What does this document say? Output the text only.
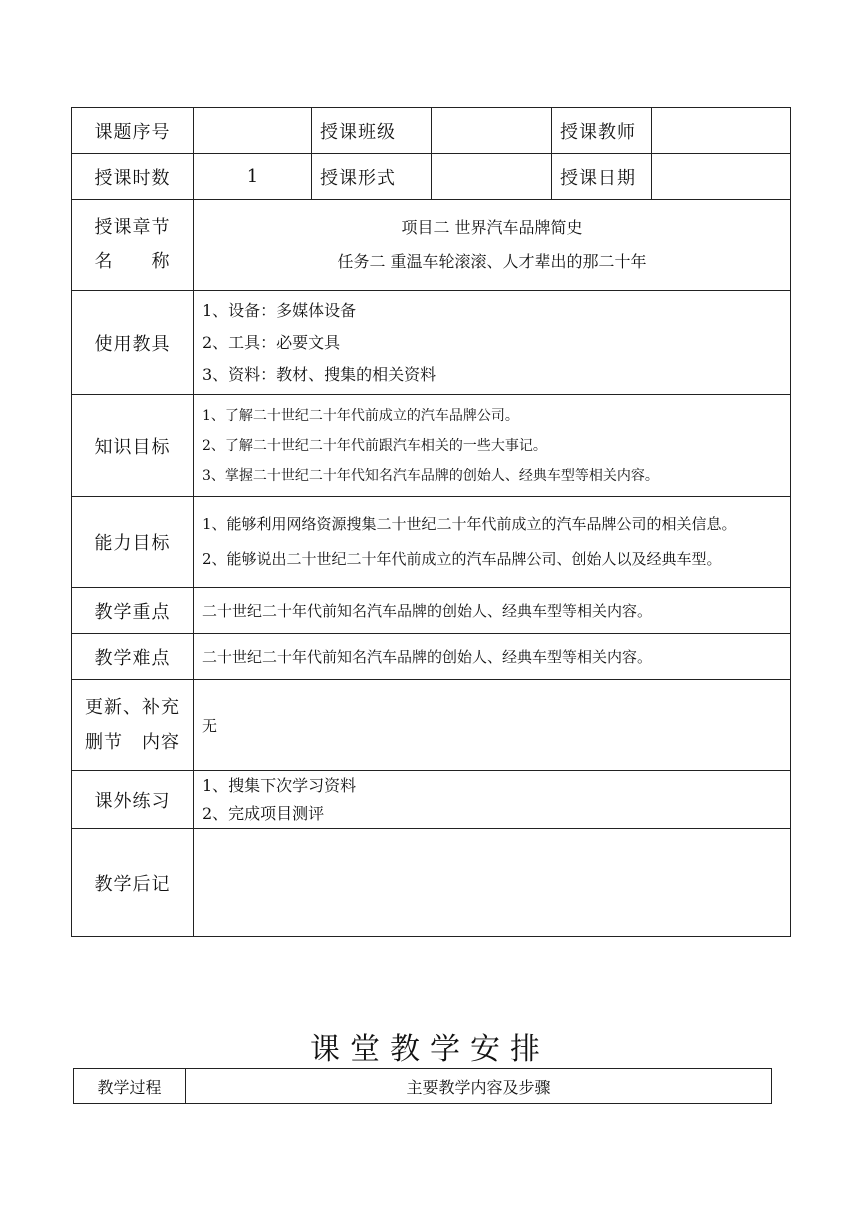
课题序号		授课班级		授课教师	
授课时数	1	授课形式		授课日期	

授课章节
名　　称	项目二 世界汽车品牌简史
任务二 重温车轮滚滚、人才辈出的那二十年				

使用教具	1、设备：多媒体设备
2、工具：必要文具
3、资料：教材、搜集的相关资料				

知识目标	1、了解二十世纪二十年代前成立的汽车品牌公司。
2、了解二十世纪二十年代前跟汽车相关的一些大事记。
3、掌握二十世纪二十年代知名汽车品牌的创始人、经典车型等相关内容。				

能力目标	1、能够利用网络资源搜集二十世纪二十年代前成立的汽车品牌公司的相关信息。
2、能够说出二十世纪二十年代前成立的汽车品牌公司、创始人以及经典车型。				

教学重点	二十世纪二十年代前知名汽车品牌的创始人、经典车型等相关内容。				
教学难点	二十世纪二十年代前知名汽车品牌的创始人、经典车型等相关内容。				

更新、补充
删节　内容	无				
课外练习	1、搜集下次学习资料
2、完成项目测评				

教学后记					
课堂教学安排
教学过程	主要教学内容及步骤
